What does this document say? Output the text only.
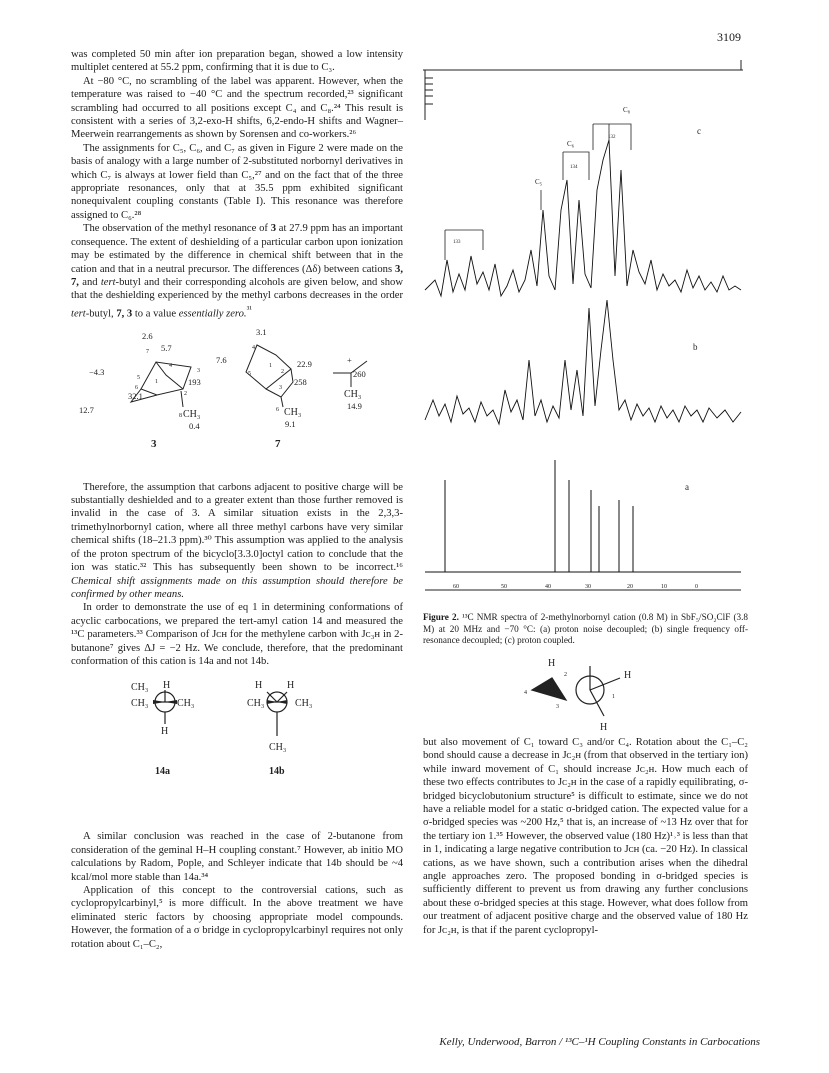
3109

was completed 50 min after ion preparation began, showed a low intensity multiplet centered at 55.2 ppm, confirming that it is due to C₃.

At −80 °C, no scrambling of the label was apparent. However, when the temperature was raised to −40 °C and the spectrum recorded,²³ significant scrambling had occurred to all positions except C₄ and C₈.²⁴ This result is consistent with a series of 3,2-exo-H shifts, 6,2-endo-H shifts and Wagner–Meerwein rearrangements as shown by Sorensen and co-workers.²⁶

The assignments for C₅, C₆, and C₇ as given in Figure 2 were made on the basis of analogy with a large number of 2-substituted norbornyl derivatives in which C₇ is always at lower field than C₅,²⁷ and on the fact that of the three appropriate resonances, only that at 35.5 ppm exhibited significant nonequivalent coupling constants (Table I). This resonance was therefore assigned to C₆.²⁸

The observation of the methyl resonance of 3 at 27.9 ppm has an important consequence. The extent of deshielding of a particular carbon upon ionization may be estimated by the difference in chemical shift between that in the cation and that in a neutral precursor. The differences (Δδ) between cations 3, 7, and tert-butyl and their corresponding alcohols are given below, and show that the deshielding experienced by the methyl carbons decreases in the order tert-butyl, 7, 3 to a value essentially zero.$^{^{31}}$

2.6
5.7
7.6
−4.3
193
32.1
12.7	CH₃
0.4
3
7
4
3
5
1
6
2
8
3.1
22.9
258
CH₃
9.1
7
4
5
1
2
3
6
+
260
CH₃
14.9

Therefore, the assumption that carbons adjacent to positive charge will be substantially deshielded and to a greater extent than those further removed is invalid in the case of 3. A similar situation exists in the 2,3,3-trimethylnorbornyl cation, where all three methyl carbons have very similar chemical shifts (18–21.3 ppm).³⁰ This assumption was applied to the analysis of the proton spectrum of the bicyclo[3.3.0]octyl cation to conclude that the ion was static.³² This has subsequently been shown to be incorrect.¹⁶ Chemical shift assignments made on this assumption should therefore be confirmed by other means.

In order to demonstrate the use of eq 1 in determining conformations of acyclic carbocations, we prepared the tert-amyl cation 14 and measured the ¹³C parameters.³³ Comparison of Jᴄʜ for the methylene carbon with Jᴄ₃ʜ in 2-butanone⁷ gives ΔJ = −2 Hz. We conclude, therefore, that the predominant conformation of this cation is 14a and not 14b.

CH₃ H
CH₃	CH₃
H
14a
H H
CH₃	CH₃
CH₃
14b

A similar conclusion was reached in the case of 2-butanone from consideration of the geminal H–H coupling constant.⁷ However, ab initio MO calculations by Radom, Pople, and Schleyer indicate that 14b should be ~4 kcal/mol more stable than 14a.³⁴

Application of this concept to the controversial cations, such as cyclopropylcarbinyl,⁵ is more difficult. In the above treatment we have eliminated steric factors by choosing appropriate model compounds. However, the formation of a σ bridge in cyclopropylcarbinyl requires not only rotation about C₁–C₂,

C₈
C₆
C₅
c
b
a
133
134
132
60	50	40	30	20	10	0
Figure 2. ¹³C NMR spectra of 2-methylnorbornyl cation (0.8 M) in SbF₅/SO₂ClF (3.8 M) at 20 MHz and −70 °C: (a) proton noise decoupled; (b) single frequency off-resonance decoupled; (c) proton coupled.
H
H
H
4
3
1
2
but also movement of C₁ toward C₃ and/or C₄. Rotation about the C₁–C₂ bond should cause a decrease in Jᴄ₂ʜ (from that observed in the tertiary ion) while inward movement of C₁ should increase Jᴄ₂ʜ. How much each of these two effects contributes to Jᴄ₂ʜ in the case of a rapidly equilibrating, σ-bridged bicyclobutonium structure⁵ is difficult to estimate, since we do not have a reliable model for a static σ-bridged cation. The expected value for a σ-bridged species was ~200 Hz,⁵ that is, an increase of ~13 Hz over that for the tertiary ion 1.³⁵ However, the observed value (180 Hz)¹˒³ is less than that in 1, indicating a large negative contribution to Jᴄʜ (ca. −20 Hz). In classical cations, as we have shown, such a contribution arises when the dihedral angle approaches zero. The proposed bonding in σ-bridged species is sufficiently different to prevent us from drawing any further conclusions about these σ-bridged species at this stage. However, what does follow from our treatment of adjacent positive charge and the observed value of 180 Hz for Jᴄ₂ʜ, is that if the parent cyclopropyl-
Kelly, Underwood, Barron / ¹³C–¹H Coupling Constants in Carbocations
